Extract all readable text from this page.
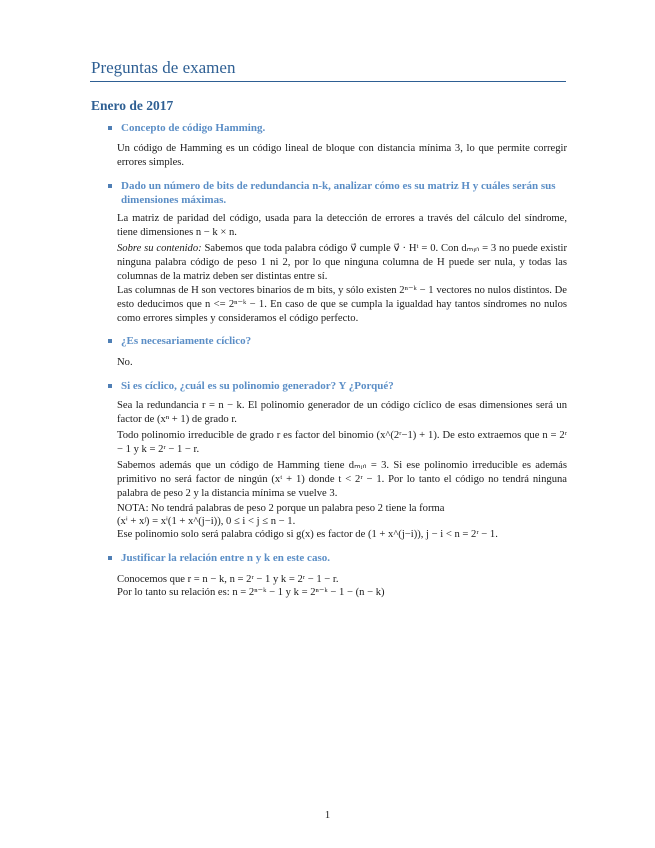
Preguntas de examen
Enero de 2017
Concepto de código Hamming.
Un código de Hamming es un código lineal de bloque con distancia mínima 3, lo que permite corregir errores simples.
Dado un número de bits de redundancia n-k, analizar cómo es su matriz H y cuáles serán sus dimensiones máximas.
La matriz de paridad del código, usada para la detección de errores a través del cálculo del síndrome, tiene dimensiones n − k × n.
Sobre su contenido: Sabemos que toda palabra código v⃗ cumple v⃗ · Hᵗ = 0. Con dₘᵢₙ = 3 no puede existir ninguna palabra código de peso 1 ni 2, por lo que ninguna columna de H puede ser nula, y todas las columnas de la matriz deben ser distintas entre sí.
Las columnas de H son vectores binarios de m bits, y sólo existen 2ⁿ⁻ᵏ − 1 vectores no nulos distintos. De esto deducimos que n <= 2ⁿ⁻ᵏ − 1. En caso de que se cumpla la igualdad hay tantos síndromes no nulos como errores simples y consideramos el código perfecto.
¿Es necesariamente cíclico?
No.
Si es cíclico, ¿cuál es su polinomio generador? Y ¿Porqué?
Sea la redundancia r = n − k. El polinomio generador de un código cíclico de esas dimensiones será un factor de (xⁿ + 1) de grado r.
Todo polinomio irreducible de grado r es factor del binomio (x^(2ʳ−1) + 1). De esto extraemos que n = 2ʳ − 1 y k = 2ʳ − 1 − r.
Sabemos además que un código de Hamming tiene dₘᵢₙ = 3. Si ese polinomio irreducible es además primitivo no será factor de ningún (xᵗ + 1) donde t < 2ʳ − 1. Por lo tanto el código no tendrá ninguna palabra de peso 2 y la distancia mínima se vuelve 3.
NOTA: No tendrá palabras de peso 2 porque un palabra peso 2 tiene la forma
(xⁱ + xʲ) = xⁱ(1 + x^(j−i)), 0 ≤ i < j ≤ n − 1.
Ese polinomio solo será palabra código si g(x) es factor de (1 + x^(j−i)), j − i < n = 2ʳ − 1.
Justificar la relación entre n y k en este caso.
Conocemos que r = n − k, n = 2ʳ − 1 y k = 2ʳ − 1 − r.
Por lo tanto su relación es: n = 2ⁿ⁻ᵏ − 1 y k = 2ⁿ⁻ᵏ − 1 − (n − k)
1
